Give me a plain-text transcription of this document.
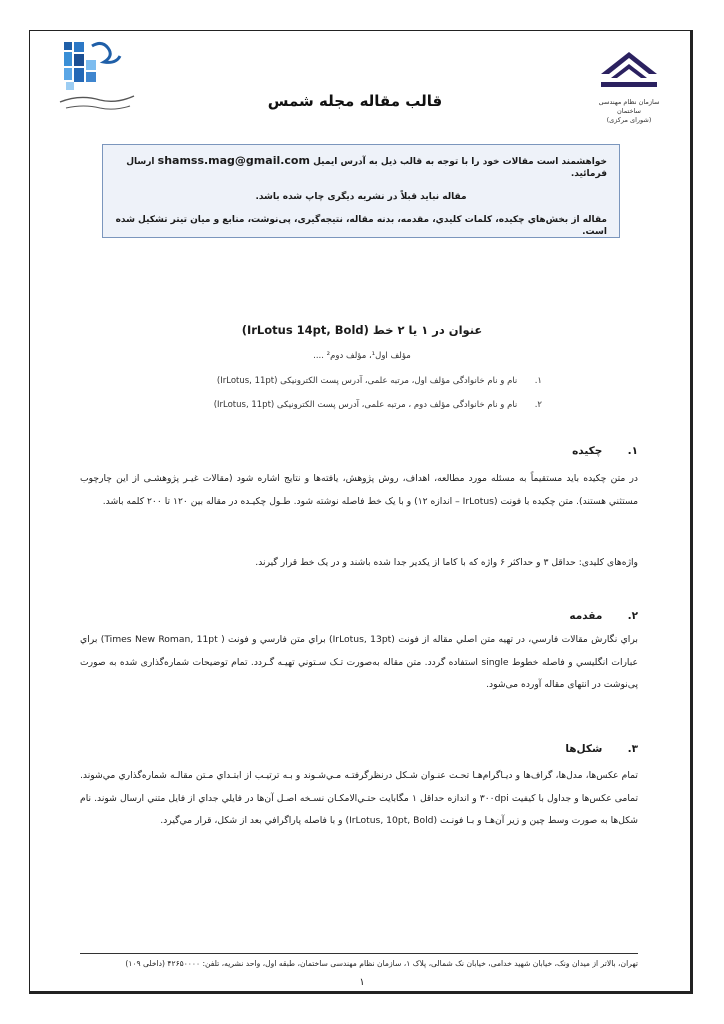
سازمان نظام مهندسی ساختمان
(شورای مرکزی)
قالب مقاله مجله شمس
خواهشمند است مقالات خود را با توجه به قالب ذیل به آدرس ایمیل shamss.mag@gmail.com ارسال فرمائید.
مقاله نباید قبلاً در نشریه دیگری چاپ شده باشد.
مقاله از بخش‌هاي چكيده، كلمات كليدي، مقدمه، بدنه مقاله، نتیجه‌گیری، پی‌نوشت، منابع و میان تیتر تشكيل شده است.
عنوان در ۱ یا ۲ خط (IrLotus 14pt, Bold)
مؤلف اول¹، مؤلف دوم² ....
۱. نام و نام خانوادگی مؤلف اول، مرتبه علمی، آدرس پست الکترونیکی (IrLotus, 11pt)
۲. نام و نام خانوادگی مؤلف دوم ، مرتبه علمی، آدرس پست الکترونیکی (IrLotus, 11pt)
۱. چکیده
در متن چکیده باید مستقیماً به مسئله مورد مطالعه، اهداف، روش پژوهش، یافته‌ها و نتایج اشاره شود (مقالات غیـر پژوهشـی از این چارچوب مستثني هستند). متن چکیده با فونت (IrLotus – اندازه ۱۲) و با یک خط فاصله نوشته شود. طـول چكيـده در مقاله بين ۱۲۰ تا ۲۰۰ كلمه باشد.
واژه‌های کلیدی: حداقل ۳ و حداکثر ۶ واژه که با کاما از یکدیر جدا شده باشند و در یک خط قرار گیرند.
۲. مقدمه
براي نگارش مقالات فارسي، در تهيه متن اصلي مقاله از فونت (IrLotus, 13pt) براي متن فارسي و فونت ( Times New Roman, 11pt) براي عبارات انگليسي و فاصله خطوط single استفاده گردد. متن مقاله به‌صورت تـک سـتوني تهيـه گـردد. تمام توضیحات شماره‌گذاری شده به صورت پی‌نوشت در انتهای مقاله آورده می‌شود.
۳. شكل‌ها
تمام عكس‌ها، مدل‌ها، گراف‌ها و دیـاگرام‌هـا تحـت عنـوان شـكل درنظرگرفتـه مـي‌شـوند و بـه ترتيـب از ابتـداي مـتن مقالـه شماره‌گذاري مي‌شوند. تمامی عکس‌ها و جداول با کیفیت ۳۰۰dpi و اندازه حداقل ۱ مگابایت حتـي‌الامكـان نسـخه اصـل آن‌ها در فايلي جداي از فايل متني ارسال شوند. نام شكل‌ها به صورت وسط چين و زير آن‌هـا و بـا فونـت (IrLotus, 10pt, Bold) و با فاصله پاراگرافي بعد از شكل، قرار مي‌گيرد.
تهران، بالاتر از میدان ونک، خیابان شهید خدامی، خیابان نک شمالی، پلاک ۱، سازمان نظام مهندسی ساختمان، طبقه اول، واحد نشریه، تلفن: ۴۲۶۵۰۰۰۰ (داخلی ۱۰۹)
۱
